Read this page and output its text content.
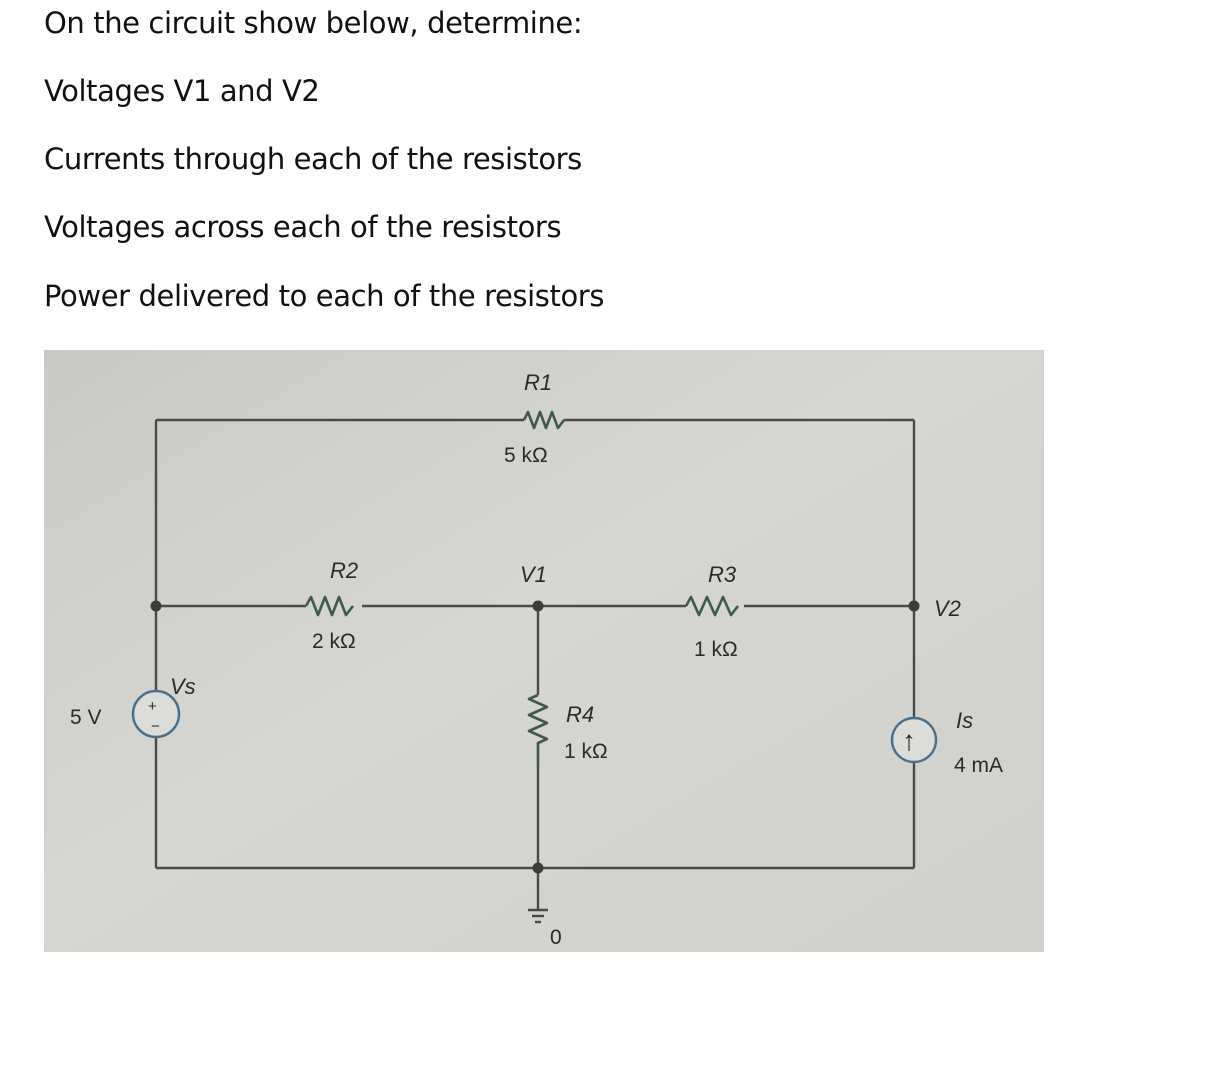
On the circuit show below, determine:
Voltages V1 and V2
Currents through each of the resistors
Voltages across each of the resistors
Power delivered to each of the resistors
+
−	↑
R1
5 kΩ
R2
2 kΩ
V1	R3
1 kΩ
V2
Vs
5 V	R4
1 kΩ
Is
4 mA
0
